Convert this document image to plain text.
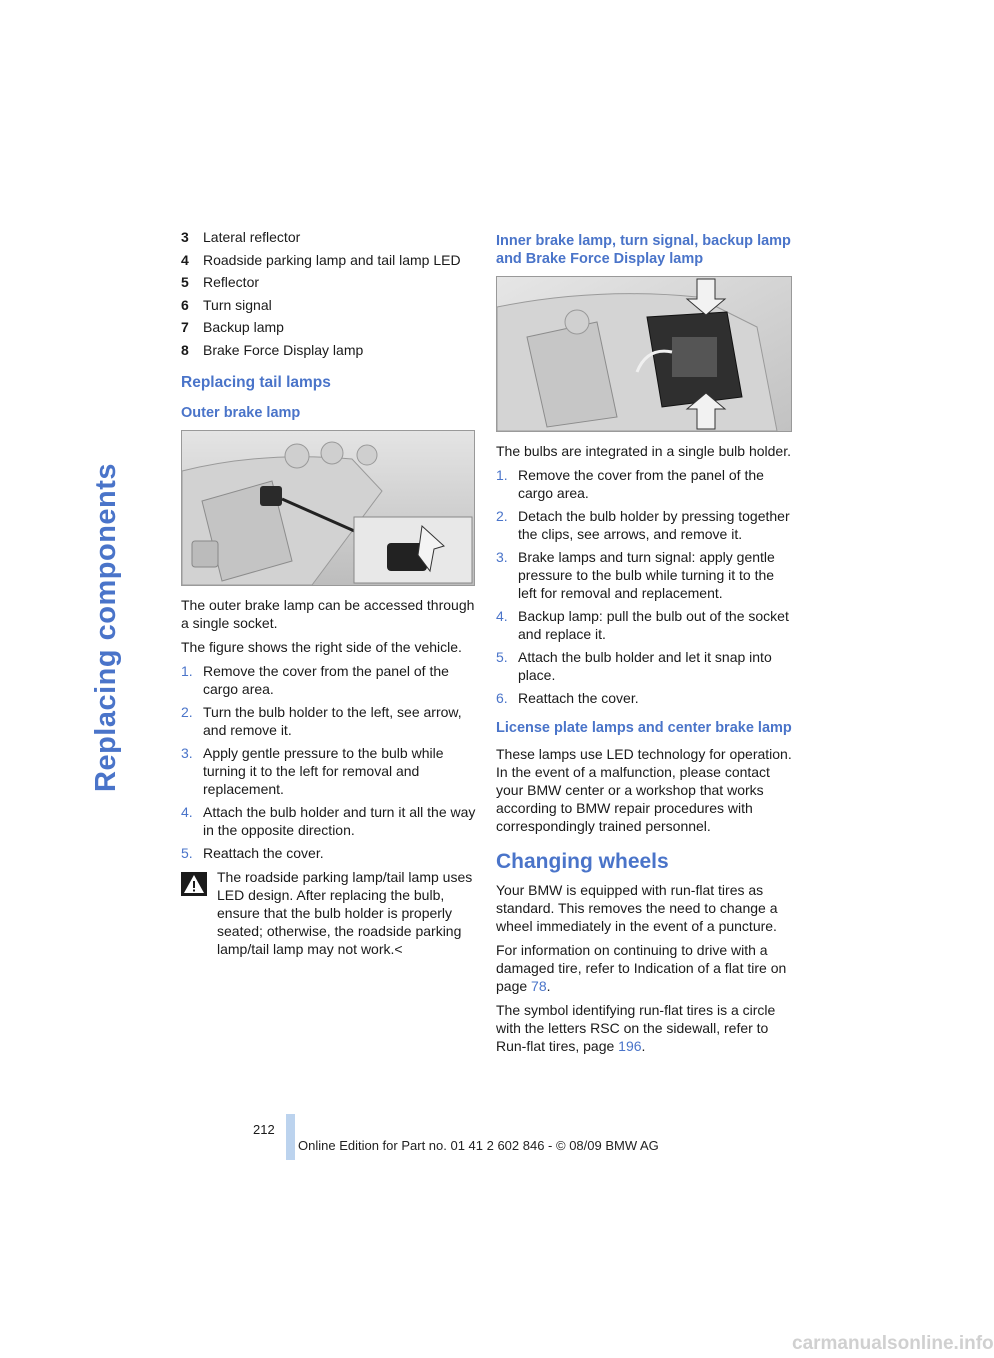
Replacing components
3	Lateral reflector
4	Roadside parking lamp and tail lamp LED
5	Reflector
6	Turn signal
7	Backup lamp
8	Brake Force Display lamp
Replacing tail lamps
Outer brake lamp

The outer brake lamp can be accessed through a single socket.

The figure shows the right side of the vehicle.

1. Remove the cover from the panel of the cargo area.
2. Turn the bulb holder to the left, see arrow, and remove it.
3. Apply gentle pressure to the bulb while turning it to the left for removal and replacement.
4. Attach the bulb holder and turn it all the way in the opposite direction.
5. Reattach the cover.

The roadside parking lamp/tail lamp uses LED design. After replacing the bulb, ensure that the bulb holder is properly seated; otherwise, the roadside parking lamp/tail lamp may not work.<

Inner brake lamp, turn signal, backup lamp and Brake Force Display lamp

The bulbs are integrated in a single bulb holder.

1. Remove the cover from the panel of the cargo area.
2. Detach the bulb holder by pressing together the clips, see arrows, and remove it.
3. Brake lamps and turn signal: apply gentle pressure to the bulb while turning it to the left for removal and replacement.
4. Backup lamp: pull the bulb out of the socket and replace it.
5. Attach the bulb holder and let it snap into place.
6. Reattach the cover.
License plate lamps and center brake lamp

These lamps use LED technology for operation. In the event of a malfunction, please contact your BMW center or a workshop that works according to BMW repair procedures with correspondingly trained personnel.

Changing wheels

Your BMW is equipped with run-flat tires as standard. This removes the need to change a wheel immediately in the event of a puncture.

For information on continuing to drive with a damaged tire, refer to Indication of a flat tire on page 78.

The symbol identifying run-flat tires is a circle with the letters RSC on the sidewall, refer to Run-flat tires, page 196.

212
Online Edition for Part no. 01 41 2 602 846 - © 08/09 BMW AG
carmanualsonline.info
